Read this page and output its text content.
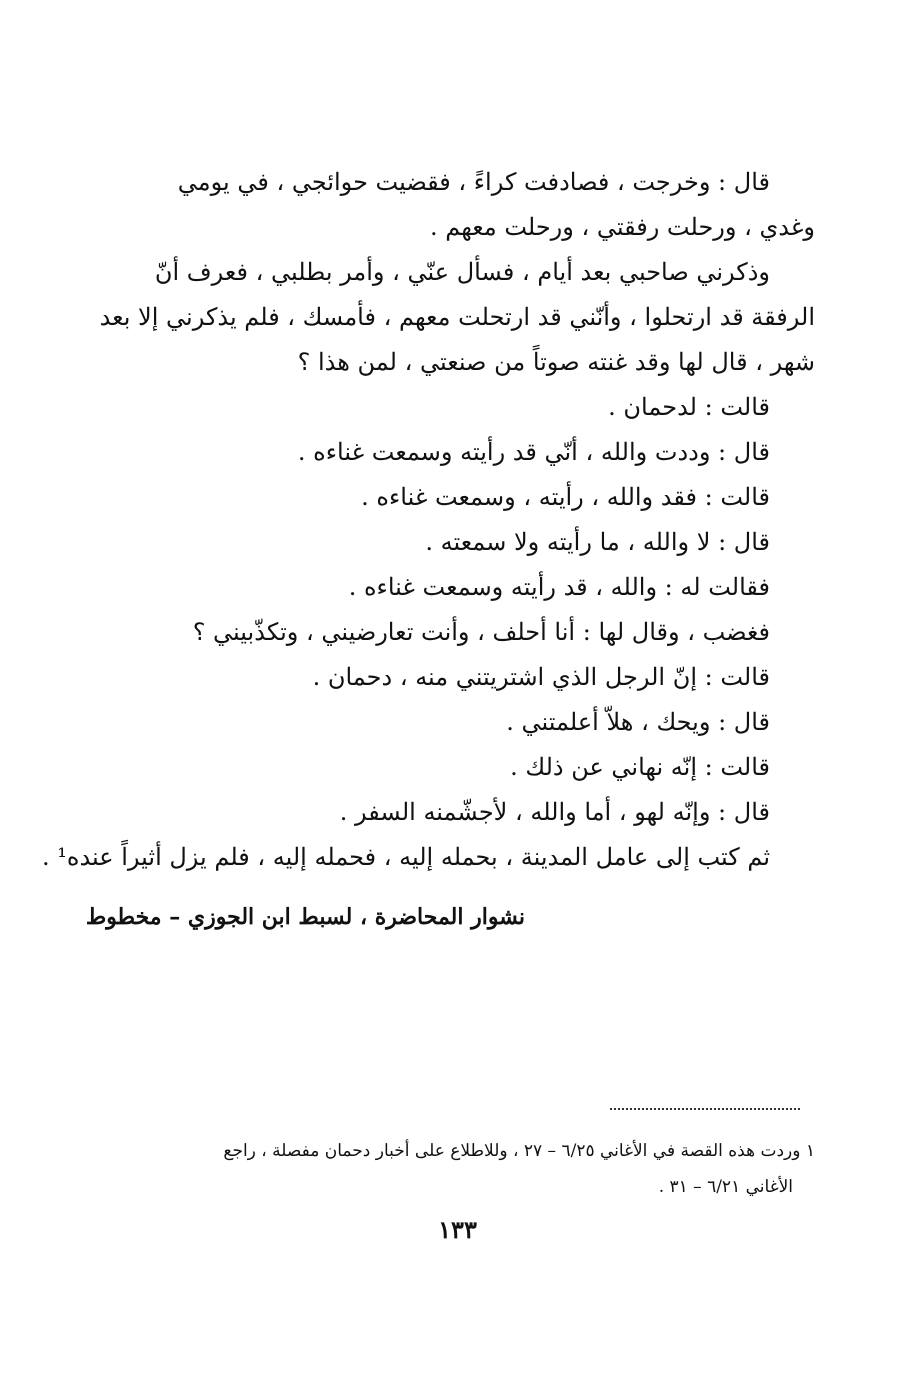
قال : وخرجت ، فصادفت كراءً ، فقضيت حوائجي ، في يومي

وغدي ، ورحلت رفقتي ، ورحلت معهم .

وذكرني صاحبي بعد أيام ، فسأل عنّي ، وأمر بطلبي ، فعرف أنّ

الرفقة قد ارتحلوا ، وأنّني قد ارتحلت معهم ، فأمسك ، فلم يذكرني إلا بعد

شهر ، قال لها وقد غنته صوتاً من صنعتي ، لمن هذا ؟

قالت : لدحمان .

قال : وددت والله ، أنّي قد رأيته وسمعت غناءه .

قالت : فقد والله ، رأيته ، وسمعت غناءه .

قال : لا والله ، ما رأيته ولا سمعته .

فقالت له : والله ، قد رأيته وسمعت غناءه .

فغضب ، وقال لها : أنا أحلف ، وأنت تعارضيني ، وتكذّبيني ؟

قالت : إنّ الرجل الذي اشتريتني منه ، دحمان .

قال : ويحك ، هلاّ أعلمتني .

قالت : إنّه نهاني عن ذلك .

قال : وإنّه لهو ، أما والله ، لأجشّمنه السفر .

ثم كتب إلى عامل المدينة ، بحمله إليه ، فحمله إليه ، فلم يزل أثيراً عنده¹ .

نشوار المحاضرة ، لسبط ابن الجوزي – مخطوط

١ وردت هذه القصة في الأغاني ٦/٢٥ – ٢٧ ، وللاطلاع على أخبار دحمان مفصلة ، راجع

الأغاني ٦/٢١ – ٣١ .

١٣٣
